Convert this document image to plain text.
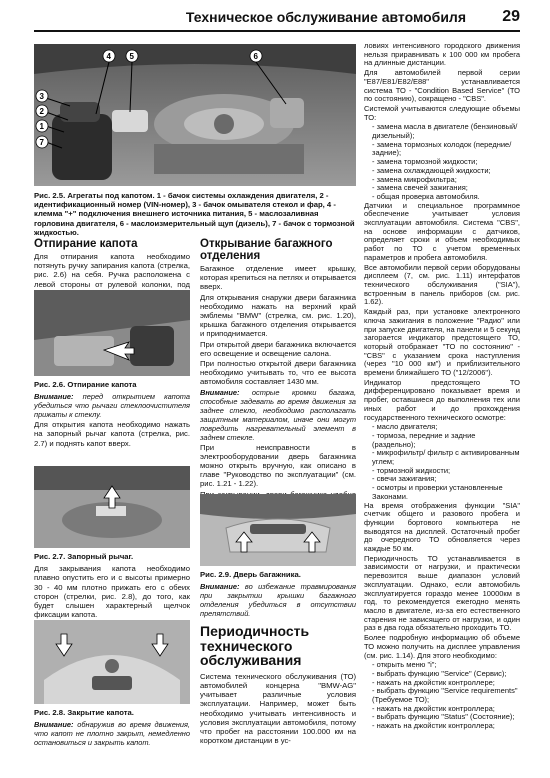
Техническое обслуживание автомобиля 29
4 5	6
3
2
1
7
Рис. 2.5. Агрегаты под капотом. 1 - бачок системы охлаждения двигателя, 2 - идентификационный номер (VIN-номер), 3 - бачок омывателя стекол и фар, 4 - клемма "+" подключения внешнего источника питания, 5 - маслозаливная горловина двигателя, 6 - маслоизмерительный щуп (дизель), 7 - бачок с тормозной жидкостью.
Отпирание капота

Для отпирания капота необходимо потянуть ручку запирания капота (стрелка, рис. 2.6) на себя. Ручка расположена с левой стороны от рулевой колонки, под

Рис. 2.6. Отпирание капота

Внимание: перед открытием капота убедиться что рычаги стеклоочистителя прижаты к стеклу.

Для открытия капота необходимо нажать на запорный рычаг капота (стрелка, рис. 2.7) и поднять капот вверх.

Рис. 2.7. Запорный рычаг.

Для закрывания капота необходимо плавно опустить его и с высоты примерно 30 - 40 мм плотно прижать его с обеих сторон (стрелки, рис. 2.8), до того, как будет слышен характерный щелчок фиксации капота.

Рис. 2.8. Закрытие капота.

Внимание: обнаружив во время движения, что капот не плотно закрыт, немедленно остановиться и закрыть капот.

Открывание багажного отделения

Багажное отделение имеет крышку, которая крепиться на петлях и открывается вверх.

Для открывания снаружи двери багажника необходимо нажать на верхний край эмблемы "BMW" (стрелка, см. рис. 1.20), крышка багажного отделения открывается и приподнимается.

При открытой двери багажника включается его освещение и освещение салона.

При полностью открытой двери багажника необходимо учитывать то, что ее высота автомобиля составляет 1430 мм.

Внимание: острые кромки багажа, способные задевать во время движения за заднее стекло, необходимо располагать защитным материалом, иначе они могут повредить нагревательный элемент в заднем стекле.

При неисправности в электрооборудовании дверь багажника можно открыть вручную, как описано в главе "Руководство по эксплуатации" (см. рис. 1.21 - 1.22).

Рис. 2.9. Дверь багажника.

Внимание: во избежание травмирования при закрытии крышки багажного отделения убедиться в отсутствии препятствий.

Периодичность технического обслуживания

Система технического обслуживания (ТО) автомобилей концерна "BMW-AG" учитывает различные условия эксплуатации. Например, может быть необходимо учитывать интенсивность и условия эксплуатации автомобиля, потому что пробег на расстоянии 100.000 км на коротком дистанции в ус-

ловиях интенсивного городского движения нельзя приравнивать к 100 000 км пробега на длинные дистанции.

Для автомобилей первой серии "E87/E81/E82/E88" устанавливается система ТО - "Condition Based Service" (ТО по состоянию), сокращено - "CBS".

Системой учитываются следующие объемы ТО:

- замена масла в двигателе (бензиновый/дизельный);
- замена тормозных колодок (передние/задние);
- замена тормозной жидкости;
- замена охлаждающей жидкости;
- замена микрофильтра;
- замена свечей зажигания;
- общая проверка автомобиля.

Датчики и специальное программное обеспечение учитывает условия эксплуатации автомобиля. Система "CBS", на основе информации с датчиков, определяет сроки и объем необходимых работ по ТО с учетом временных параметров и пробега автомобиля.

Все автомобили первой серии оборудованы дисплеем (7, см. рис. 1.11) интерфатов технического обслуживания ("SIA"), встроенным в панель приборов (см. рис. 1.62).

Каждый раз, при установке электронного ключа зажигания в положение "Радио" или при запуске двигателя, на панели и 5 секунд загорается индикатор предстоящего ТО, который отображает "ТО по состоянию" - "CBS" с указанием срока наступления (через "10 000 км") и приблизительного времени ближайшего ТО ("12/2006").

Индикатор предстоящего ТО дифференцировано показывает время и пробег, оставшиеся до выполнения тех или иных работ и до прохождения государственного технического осмотре:

- масло двигателя;
- тормоза, передние и задние (раздельно);
- микрофильтр/ фильтр с активированным углем;
- тормозной жидкости;
- свечи зажигания;
- осмотры и проверки установленные Законами.

На время отображения функции "SIA" счетчик общего и разового пробега и функции бортового компьютера не выводятся на дисплей. Остаточный пробег до очередного ТО обновляется через каждые 50 км.

Периодичность ТО устанавливается в зависимости от нагрузки, и практически перевозится выше диапазон условий эксплуатации. Однако, если автомобиль эксплуатируется гораздо менее 10000км в год, то рекомендуется ежегодно менять масло в двигателе, из-за его естественного старения не зависящего от нагрузки, и один раз в два года обязательно проходить ТО.

Более подробную информацию об объеме ТО можно получить на дисплее управления (см. рис. 1.14). Для этого необходимо:

- открыть меню "i";
- выбрать функцию "Service" (Сервис);
- нажать на джойстик контроллере;
- выбрать функцию "Service requirements" (Требуемое ТО);
- нажать на джойстик контроллера;
- выбрать функцию "Status" (Состояние);
- нажать на джойстик контроллера;
